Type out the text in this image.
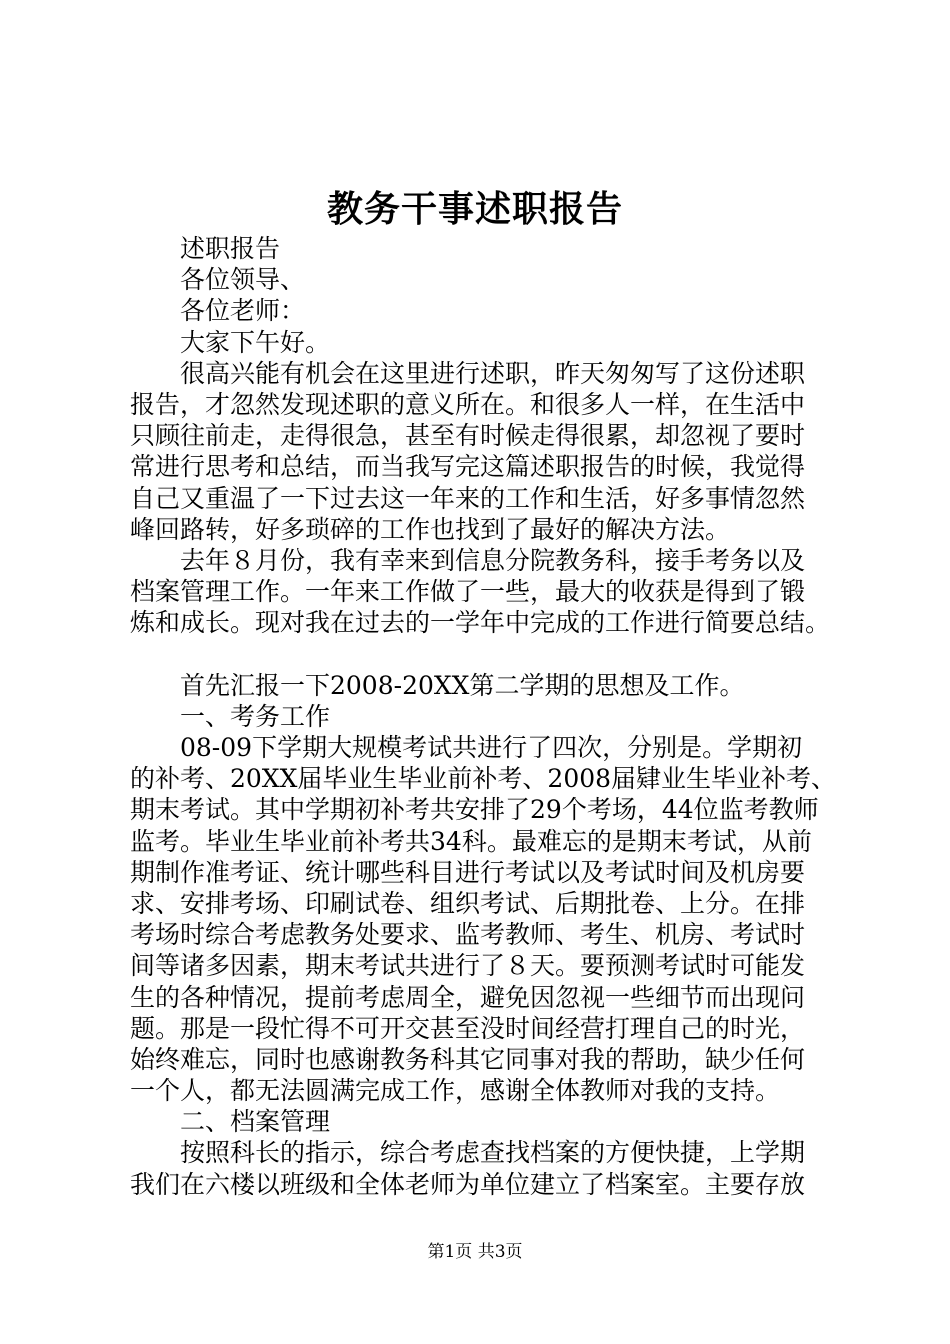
教务干事述职报告
述职报告
各位领导、
各位老师：
大家下午好。
很高兴能有机会在这里进行述职，昨天匆匆写了这份述职
报告，才忽然发现述职的意义所在。和很多人一样，在生活中
只顾往前走，走得很急，甚至有时候走得很累，却忽视了要时
常进行思考和总结，而当我写完这篇述职报告的时候，我觉得
自己又重温了一下过去这一年来的工作和生活，好多事情忽然
峰回路转，好多琐碎的工作也找到了最好的解决方法。
去年８月份，我有幸来到信息分院教务科，接手考务以及
档案管理工作。一年来工作做了一些，最大的收获是得到了锻
炼和成长。现对我在过去的一学年中完成的工作进行简要总结。
首先汇报一下2008-20XX第二学期的思想及工作。
一、考务工作
08-09下学期大规模考试共进行了四次，分别是。学期初
的补考、20XX届毕业生毕业前补考、2008届肄业生毕业补考、
期末考试。其中学期初补考共安排了29个考场，44位监考教师
监考。毕业生毕业前补考共34科。最难忘的是期末考试，从前
期制作准考证、统计哪些科目进行考试以及考试时间及机房要
求、安排考场、印刷试卷、组织考试、后期批卷、上分。在排
考场时综合考虑教务处要求、监考教师、考生、机房、考试时
间等诸多因素，期末考试共进行了８天。要预测考试时可能发
生的各种情况，提前考虑周全，避免因忽视一些细节而出现问
题。那是一段忙得不可开交甚至没时间经营打理自己的时光，
始终难忘，同时也感谢教务科其它同事对我的帮助，缺少任何
一个人，都无法圆满完成工作，感谢全体教师对我的支持。
二、档案管理
按照科长的指示，综合考虑查找档案的方便快捷，上学期
我们在六楼以班级和全体老师为单位建立了档案室。主要存放
第1页 共3页
